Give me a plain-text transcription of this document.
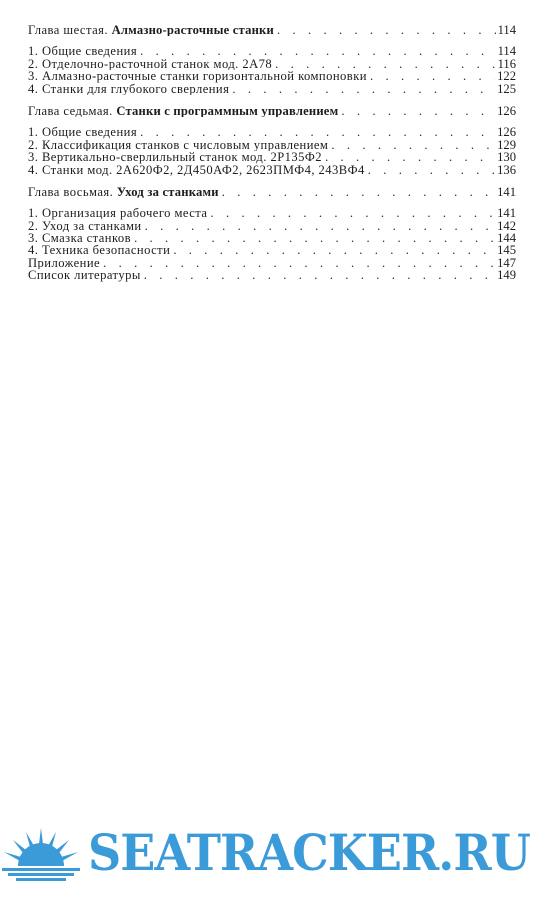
Глава шестая. Алмазно-расточные станки . . .	114
1. Общие сведения . . .	114
2. Отделочно-расточной станок мод. 2А78 . . .	116
3. Алмазно-расточные станки горизонтальной компоновки . . .	122
4. Станки для глубокого сверления . . .	125
Глава седьмая. Станки с программным управлением . . .	126
1. Общие сведения . . .	126
2. Классификация станков с числовым управлением . . .	129
3. Вертикально-сверлильный станок мод. 2Р135Ф2 . . .	130
4. Станки мод. 2А620Ф2, 2Д450АФ2, 2623ПМФ4, 243ВФ4 . . .	136
Глава восьмая. Уход за станками . . .	141
1. Организация рабочего места . . .	141
2. Уход за станками . . .	142
3. Смазка станков . . .	144
4. Техника безопасности . . .	145
Приложение . . .	147
Список литературы . . .	149
SEATRACKER.RU
